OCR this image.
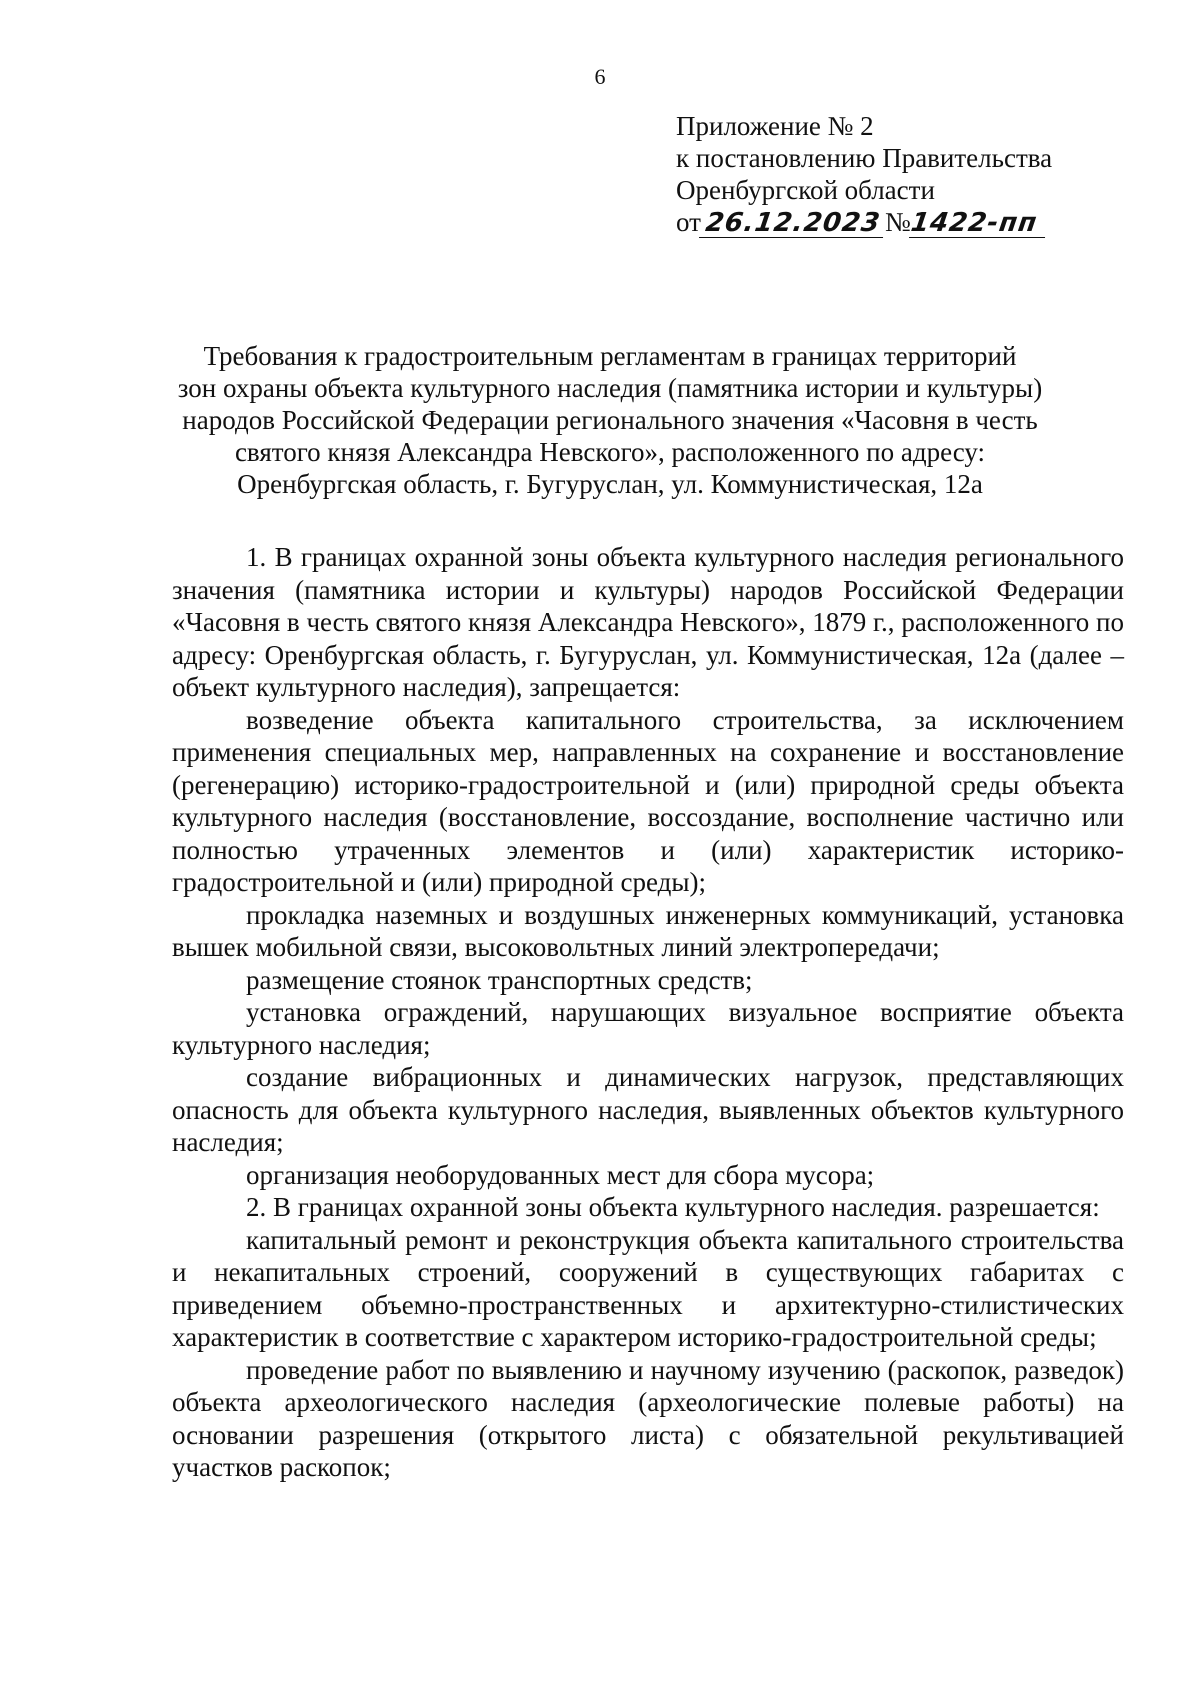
6
Приложение № 2
к постановлению Правительства
Оренбургской области
от 26.12.2023№1422-пп
Требования к градостроительным регламентам в границах территорий
зон охраны объекта культурного наследия (памятника истории и культуры)
народов Российской Федерации регионального значения «Часовня в честь
святого князя Александра Невского», расположенного по адресу:
Оренбургская область, г. Бугуруслан, ул. Коммунистическая, 12а

1. В границах охранной зоны объекта культурного наследия регионального значения (памятника истории и культуры) народов Российской Федерации «Часовня в честь святого князя Александра Невского», 1879 г., расположенного по адресу: Оренбургская область, г. Бугуруслан, ул. Коммунистическая, 12а (далее – объект культурного наследия), запрещается:

возведение объекта капитального строительства, за исключением применения специальных мер, направленных на сохранение и восстановление (регенерацию) историко-градостроительной и (или) природной среды объекта культурного наследия (восстановление, воссоздание, восполнение частично или полностью утраченных элементов и (или) характеристик историко-градостроительной и (или) природной среды);

прокладка наземных и воздушных инженерных коммуникаций, установка вышек мобильной связи, высоковольтных линий электропередачи;

размещение стоянок транспортных средств;

установка ограждений, нарушающих визуальное восприятие объекта культурного наследия;

создание вибрационных и динамических нагрузок, представляющих опасность для объекта культурного наследия, выявленных объектов культурного наследия;

организация необорудованных мест для сбора мусора;

2. В границах охранной зоны объекта культурного наследия. разрешается:

капитальный ремонт и реконструкция объекта капитального строительства и некапитальных строений, сооружений в существующих габаритах с приведением объемно-пространственных и архитектурно-стилистических характеристик в соответствие с характером историко-градостроительной среды;

проведение работ по выявлению и научному изучению (раскопок, разведок) объекта археологического наследия (археологические полевые работы) на основании разрешения (открытого листа) с обязательной рекультивацией участков раскопок;
